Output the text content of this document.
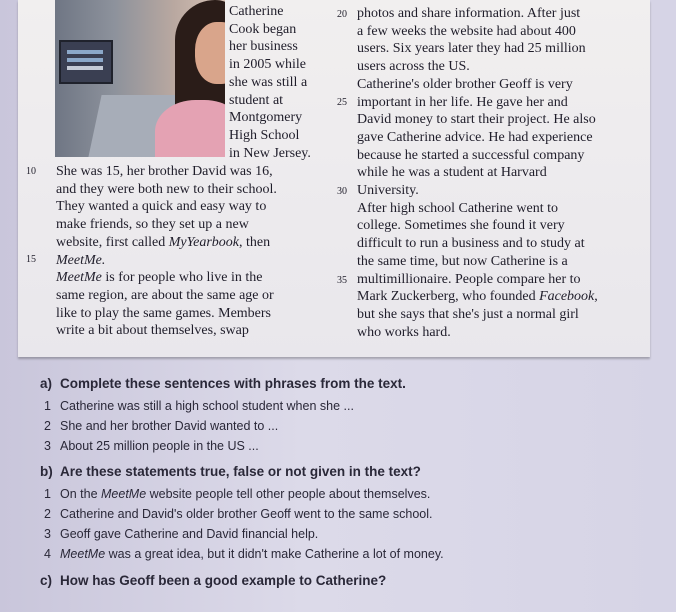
Catherine

Cook began

her business

in 2005 while

she was still a

student at

Montgomery

High School

in New Jersey.

She was 15, her brother David was 16,

and they were both new to their school.

They wanted a quick and easy way to

make friends, so they set up a new

website, first called MyYearbook, then

MeetMe.

MeetMe is for people who live in the

same region, are about the same age or

like to play the same games. Members

write a bit about themselves, swap

photos and share information. After just

a few weeks the website had about 400

users. Six years later they had 25 million

users across the US.

Catherine's older brother Geoff is very

important in her life. He gave her and

David money to start their project. He also

gave Catherine advice. He had experience

because he started a successful company

while he was a student at Harvard

University.

After high school Catherine went to

college. Sometimes she found it very

difficult to run a business and to study at

the same time, but now Catherine is a

multimillionaire. People compare her to

Mark Zuckerberg, who founded Facebook,

but she says that she's just a normal girl

who works hard.

10
15
20
25
30
35
a) Complete these sentences with phrases from the text.
1 Catherine was still a high school student when she ...
2 She and her brother David wanted to ...
3 About 25 million people in the US ...
b) Are these statements true, false or not given in the text?
1 On the MeetMe website people tell other people about themselves.
2 Catherine and David's older brother Geoff went to the same school.
3 Geoff gave Catherine and David financial help.
4 MeetMe was a great idea, but it didn't make Catherine a lot of money.
c) How has Geoff been a good example to Catherine?
